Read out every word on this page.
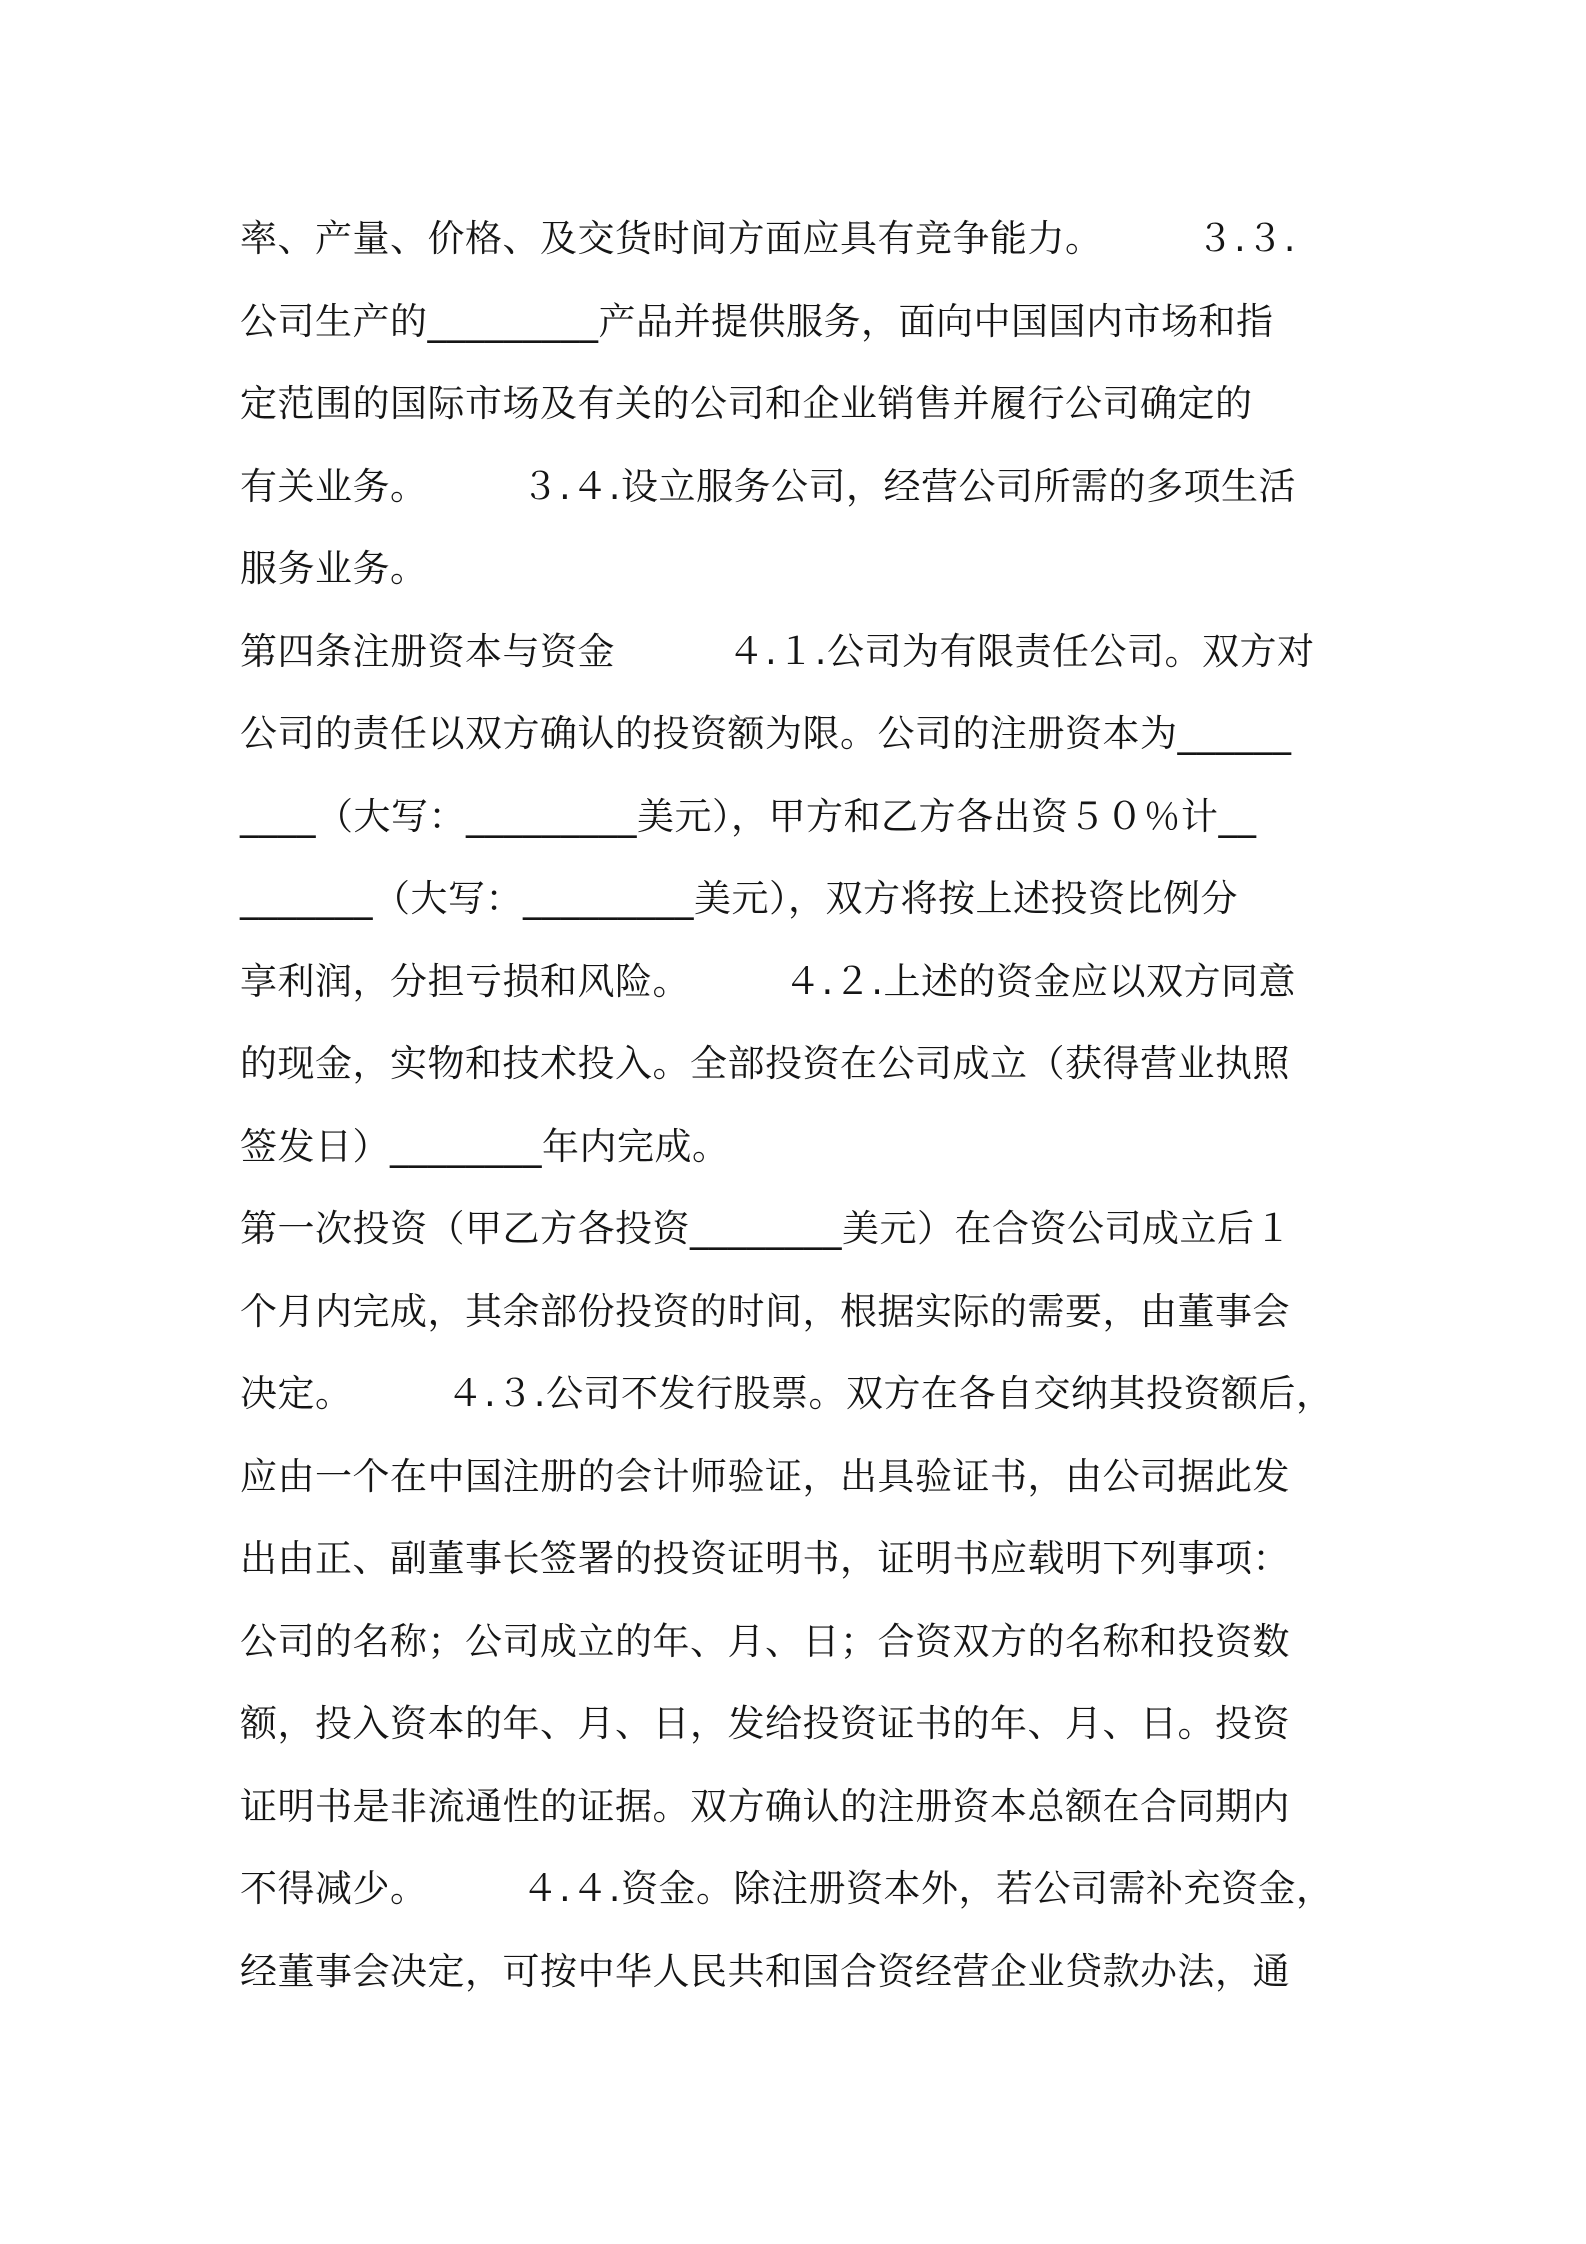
率、产量、价格、及交货时间方面应具有竞争能力。　　　３.３.
公司生产的_________产品并提供服务，面向中国国内市场和指
定范围的国际市场及有关的公司和企业销售并履行公司确定的
有关业务。　　　３.４.设立服务公司，经营公司所需的多项生活
服务业务。
第四条注册资本与资金　　　４.１.公司为有限责任公司。双方对
公司的责任以双方确认的投资额为限。公司的注册资本为______
____（大写：_________美元），甲方和乙方各出资５０％计__
_______（大写：_________美元），双方将按上述投资比例分
享利润，分担亏损和风险。　　　４.２.上述的资金应以双方同意
的现金，实物和技术投入。全部投资在公司成立（获得营业执照
签发日）________年内完成。
第一次投资（甲乙方各投资________美元）在合资公司成立后１
个月内完成，其余部份投资的时间，根据实际的需要，由董事会
决定。　　　４.３.公司不发行股票。双方在各自交纳其投资额后，
应由一个在中国注册的会计师验证，出具验证书，由公司据此发
出由正、副董事长签署的投资证明书，证明书应载明下列事项：
公司的名称；公司成立的年、月、日；合资双方的名称和投资数
额，投入资本的年、月、日，发给投资证书的年、月、日。投资
证明书是非流通性的证据。双方确认的注册资本总额在合同期内
不得减少。　　　４.４.资金。除注册资本外，若公司需补充资金，
经董事会决定，可按中华人民共和国合资经营企业贷款办法，通
